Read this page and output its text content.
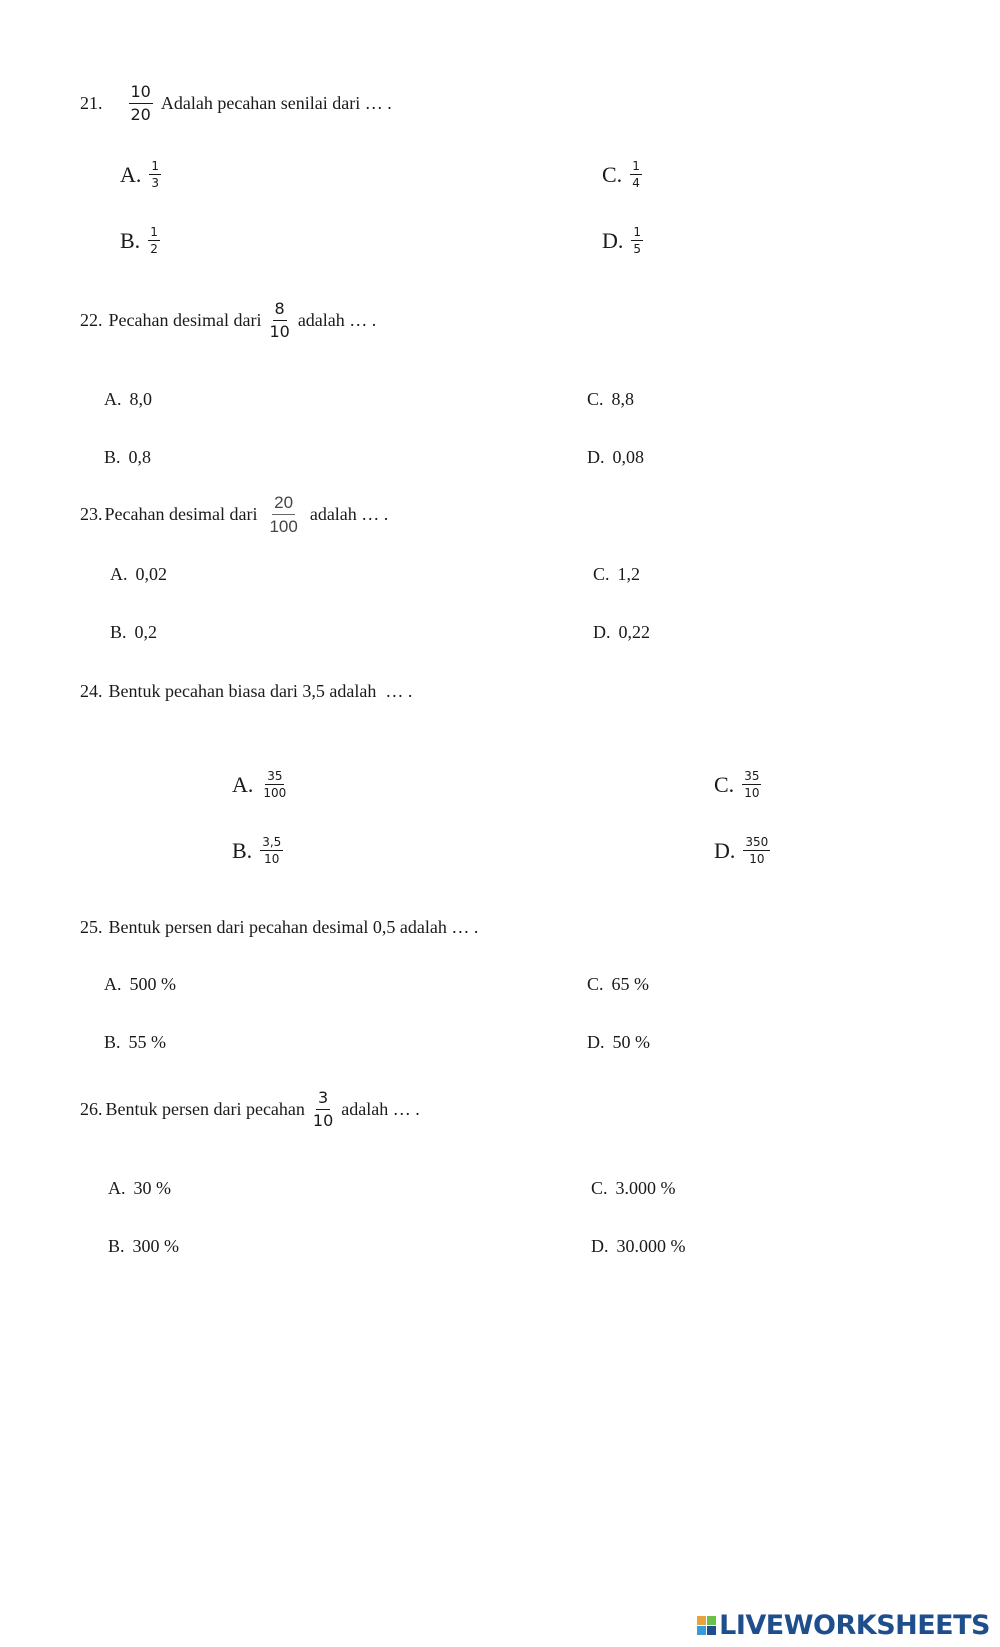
21. $\frac{10}{20}$ Adalah pecahan senilai dari … .
A. $\frac{1}{3}$
B. $\frac{1}{2}$
C. $\frac{1}{4}$
D. $\frac{1}{5}$
22. Pecahan desimal dari $\frac{8}{10}$ adalah … .
A. 8,0
B. 0,8
C. 8,8
D. 0,08
23. Pecahan desimal dari $\frac{20}{100}$ adalah … .
A. 0,02
B. 0,2
C. 1,2
D. 0,22
24. Bentuk pecahan biasa dari 3,5 adalah  … .
A. $\frac{35}{100}$
B. $\frac{3,5}{10}$
C. $\frac{35}{10}$
D. $\frac{350}{10}$
25. Bentuk persen dari pecahan desimal 0,5 adalah … .
A. 500 %
B. 55 %
C. 65 %
D. 50 %
26. Bentuk persen dari pecahan $\frac{3}{10}$ adalah … .
A. 30 %
B. 300 %
C. 3.000 %
D. 30.000 %
LIVEWORKSHEETS
